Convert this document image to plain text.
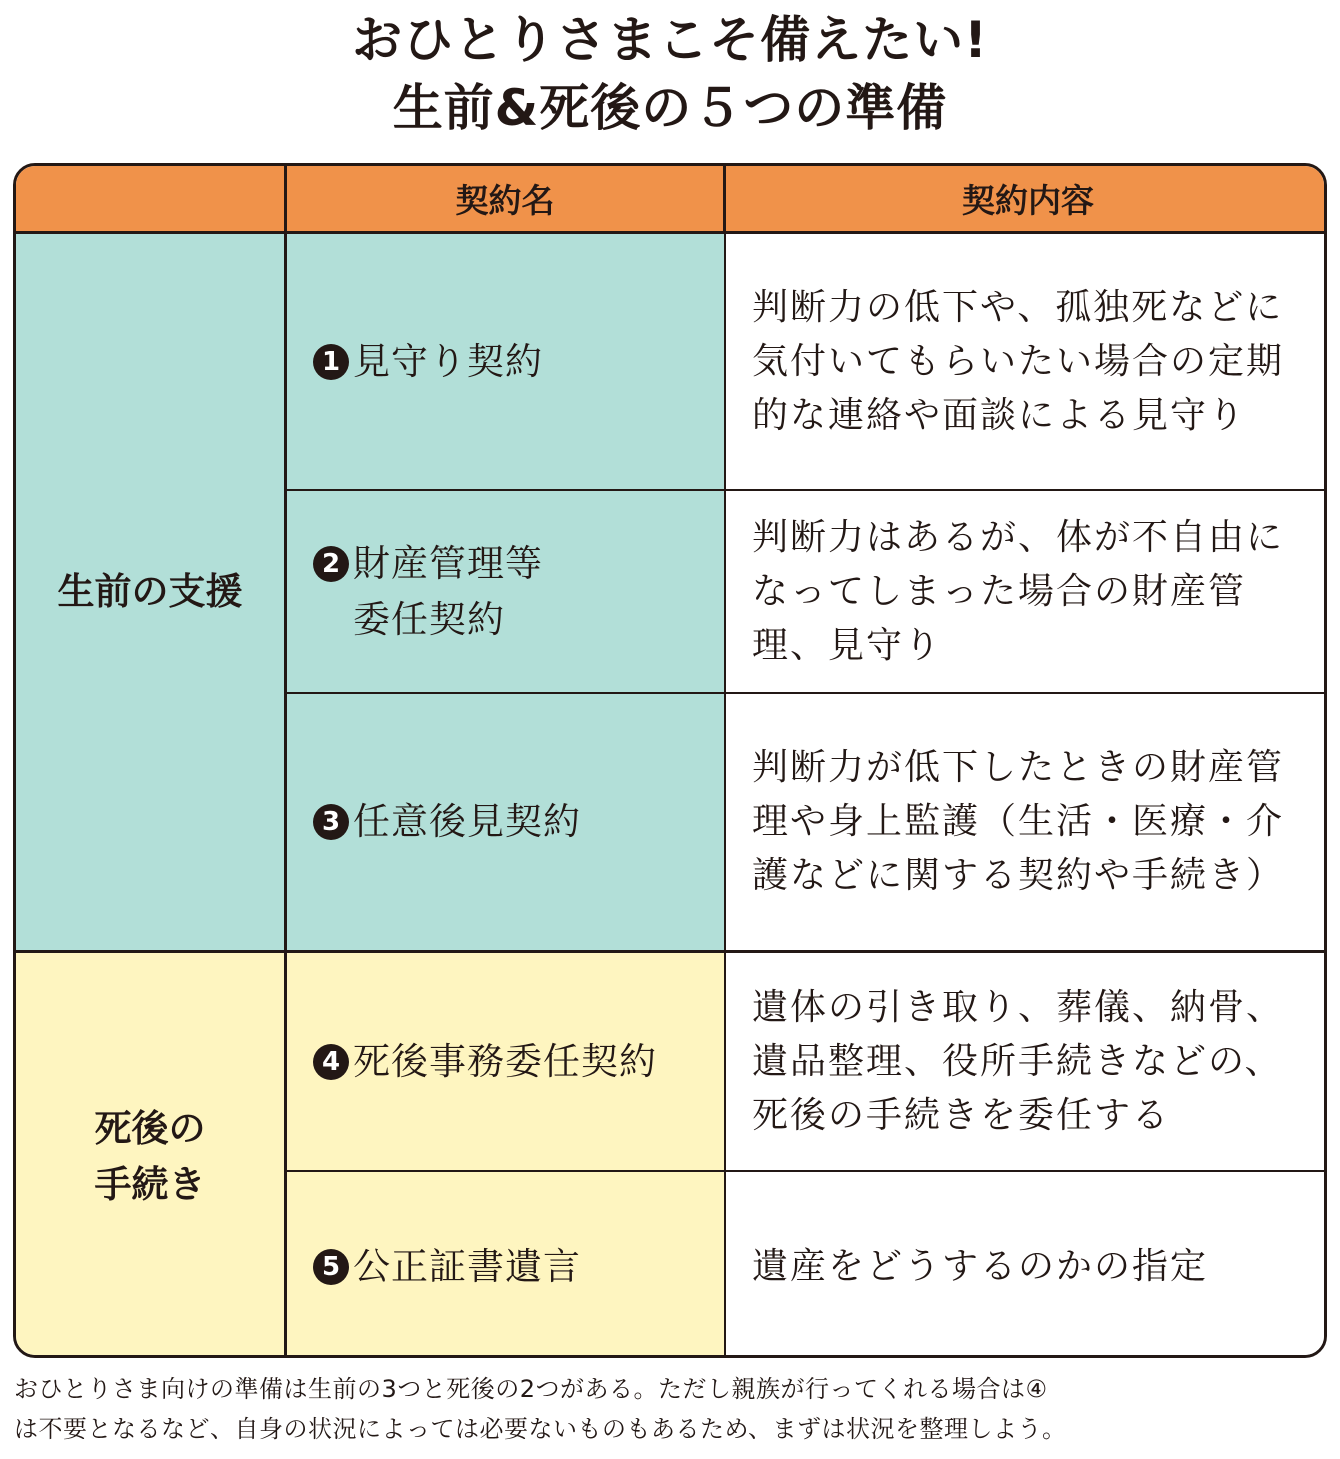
おひとりさまこそ備えたい!
生前&死後の５つの準備
契約名	契約内容
生前の支援
死後の
手続き
1 見守り契約
判断力の低下や、孤独死などに気付いてもらいたい場合の定期的な連絡や面談による見守り
2 財産管理等
委任契約
判断力はあるが、体が不自由になってしまった場合の財産管理、見守り
3 任意後見契約
判断力が低下したときの財産管理や身上監護（生活・医療・介護などに関する契約や手続き）
4 死後事務委任契約
遺体の引き取り、葬儀、納骨、遺品整理、役所手続きなどの、死後の手続きを委任する
5 公正証書遺言	遺産をどうするのかの指定
おひとりさま向けの準備は生前の3つと死後の2つがある。ただし親族が行ってくれる場合は④
は不要となるなど、自身の状況によっては必要ないものもあるため、まずは状況を整理しよう。
